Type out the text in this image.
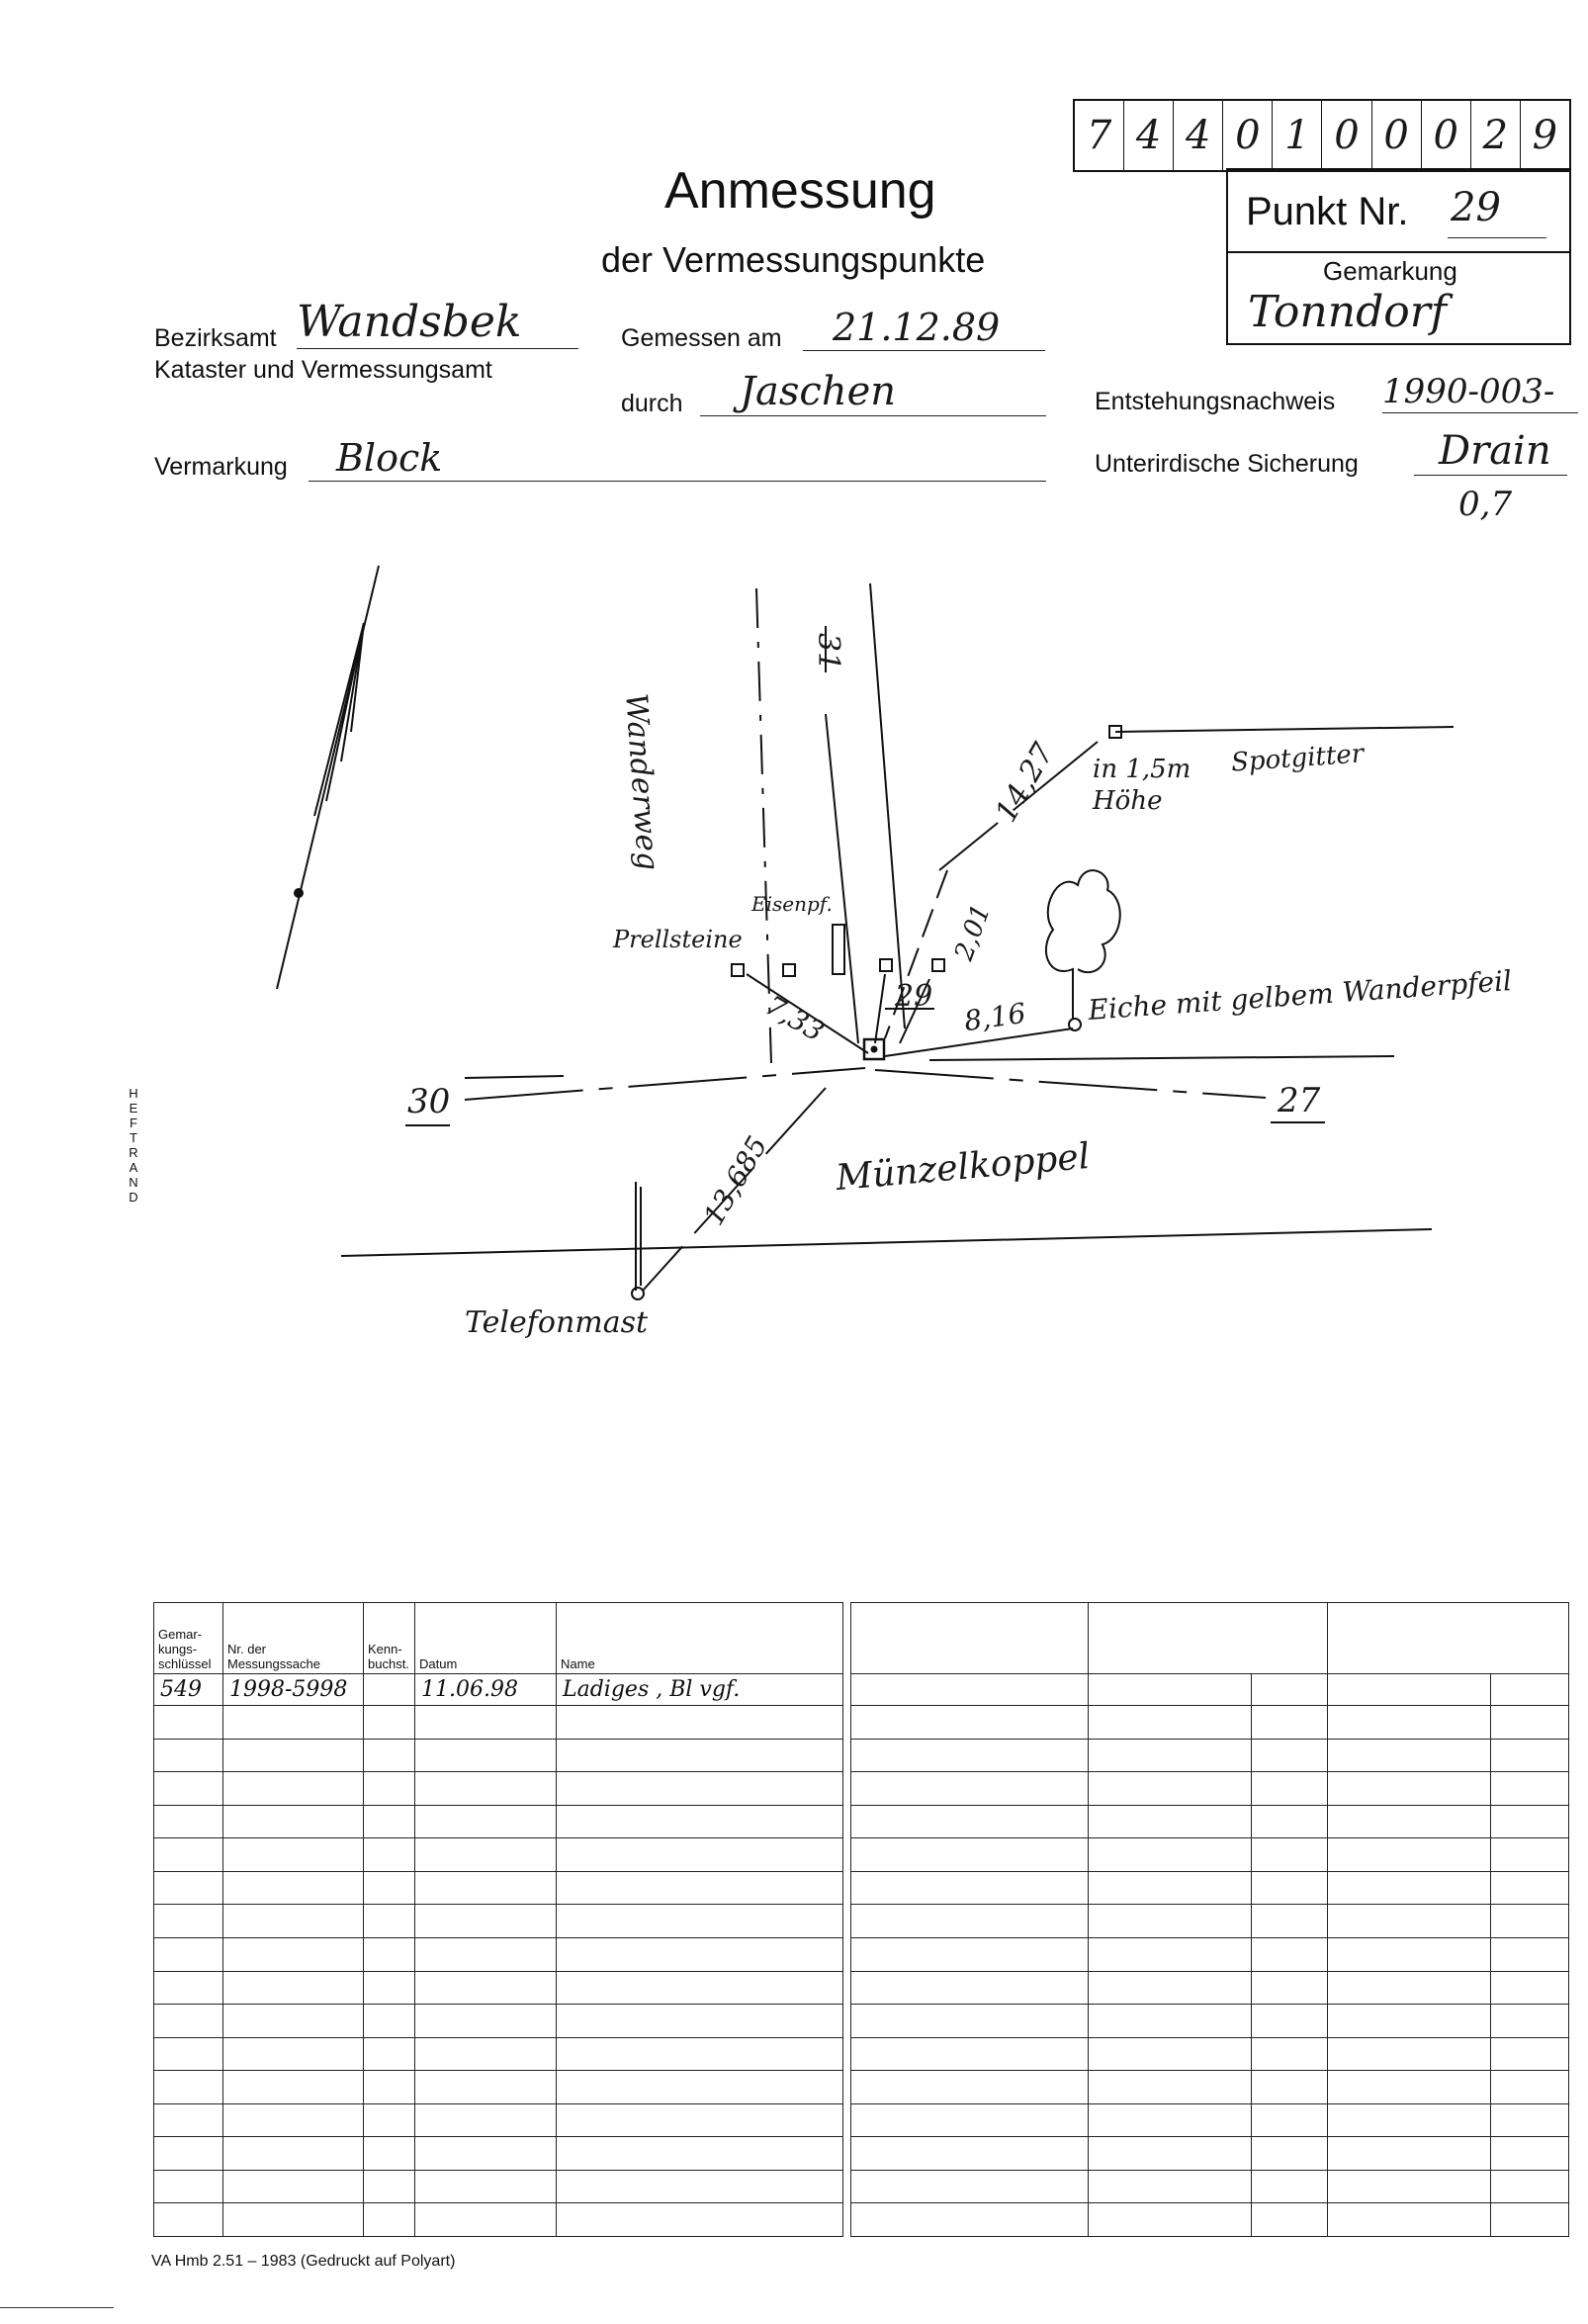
Anmessung
der Vermessungspunkte
7 4 4 0 1 0 0 0 2 9
Punkt Nr. 29
Gemarkung
Tonndorf
Bezirksamt Wandsbek
Kataster und Vermessungsamt
Gemessen am	21.12.89
durch	Jaschen
Vermarkung	Block
Entstehungsnachweis 1990-003-
Unterirdische Sicherung	Drain
0,7
HEFTRAND
Wanderweg
31
14,27 in 1,5m Höhe
Spotgitter
Eisenpf.
Prellsteine	2,01
7,33 29
8,16 Eiche mit gelbem Wanderpfeil
30	27
13,685 Münzelkoppel
Telefonmast
Gemar-kungs-schlüssel	Nr. der Messungssache	Kenn-buchst.	Datum	Name
549	1998-5998		11.06.98	Ladiges , Bl vgf.

VA Hmb 2.51 – 1983 (Gedruckt auf Polyart)
